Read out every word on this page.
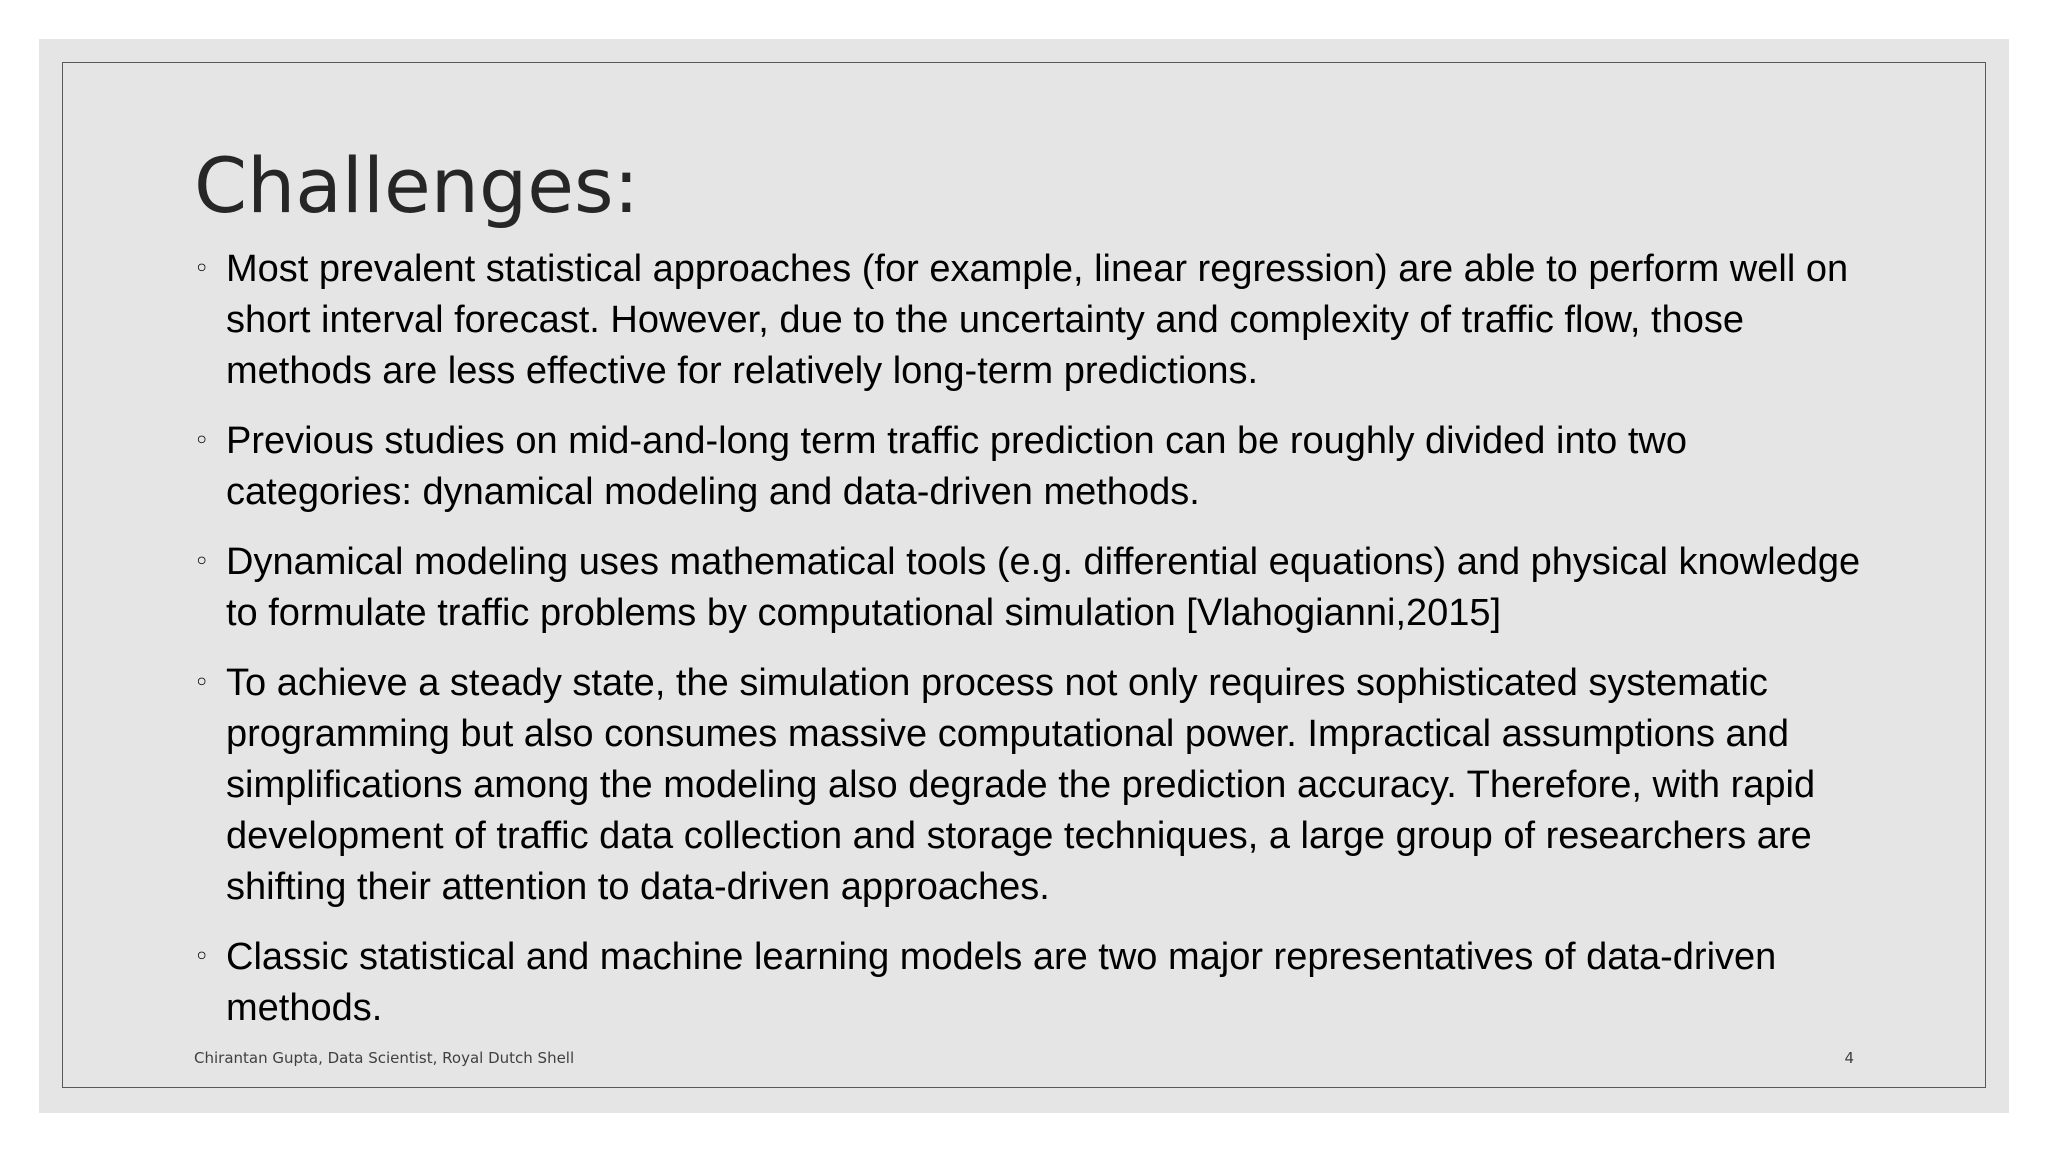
Challenges:
◦ Most prevalent statistical approaches (for example, linear regression) are able to perform well on short interval forecast. However, due to the uncertainty and complexity of traffic flow, those methods are less effective for relatively long-term predictions.
◦ Previous studies on mid-and-long term traffic prediction can be roughly divided into two categories: dynamical modeling and data-driven methods.
◦ Dynamical modeling uses mathematical tools (e.g. differential equations) and physical knowledge to formulate traffic problems by computational simulation [Vlahogianni,2015]
◦ To achieve a steady state, the simulation process not only requires sophisticated systematic programming but also consumes massive computational power. Impractical assumptions and simplifications among the modeling also degrade the prediction accuracy. Therefore, with rapid development of traffic data collection and storage techniques, a large group of researchers are shifting their attention to data-driven approaches.
◦ Classic statistical and machine learning models are two major representatives of data-driven methods.
Chirantan Gupta, Data Scientist, Royal Dutch Shell	4
